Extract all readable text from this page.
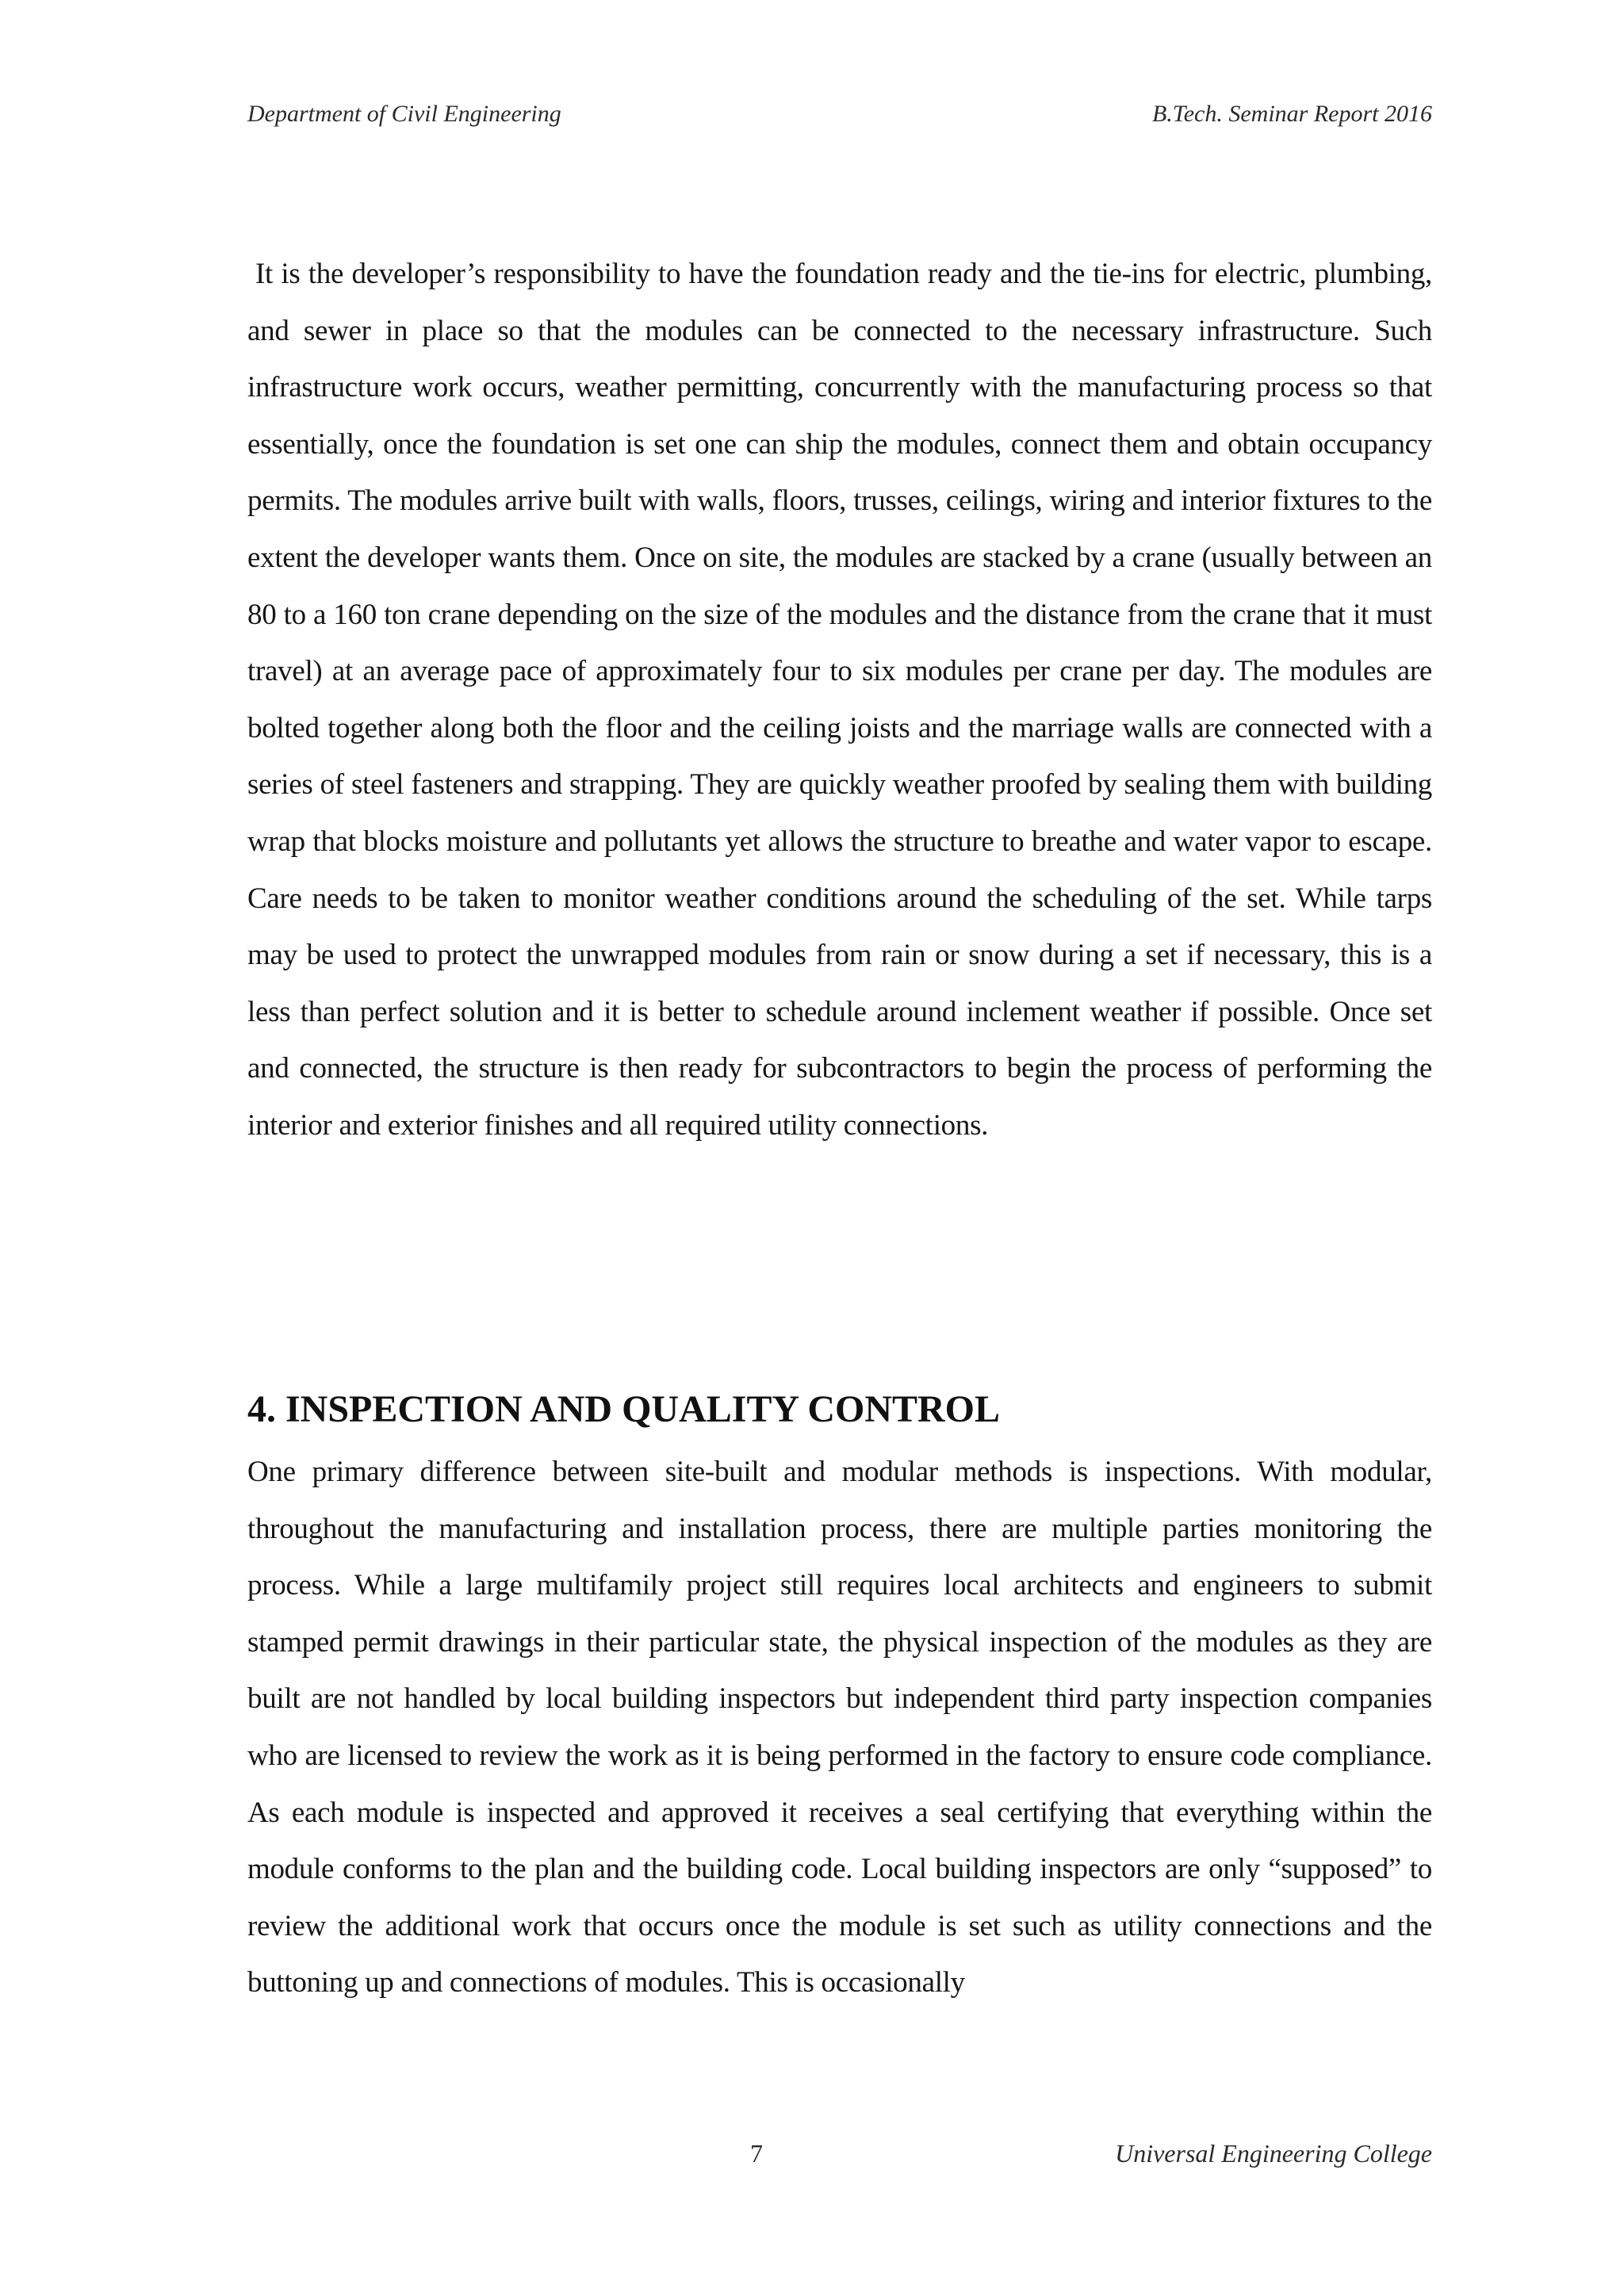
Department of Civil Engineering	B.Tech. Seminar Report 2016

It is the developer’s responsibility to have the foundation ready and the tie-ins for electric, plumbing, and sewer in place so that the modules can be connected to the necessary infrastructure. Such infrastructure work occurs, weather permitting, concurrently with the manufacturing process so that essentially, once the foundation is set one can ship the modules, connect them and obtain occupancy permits. The modules arrive built with walls, floors, trusses, ceilings, wiring and interior fixtures to the extent the developer wants them. Once on site, the modules are stacked by a crane (usually between an 80 to a 160 ton crane depending on the size of the modules and the distance from the crane that it must travel) at an average pace of approximately four to six modules per crane per day. The modules are bolted together along both the floor and the ceiling joists and the marriage walls are connected with a series of steel fasteners and strapping. They are quickly weather proofed by sealing them with building wrap that blocks moisture and pollutants yet allows the structure to breathe and water vapor to escape. Care needs to be taken to monitor weather conditions around the scheduling of the set. While tarps may be used to protect the unwrapped modules from rain or snow during a set if necessary, this is a less than perfect solution and it is better to schedule around inclement weather if possible. Once set and connected, the structure is then ready for subcontractors to begin the process of performing the interior and exterior finishes and all required utility connections.

4. INSPECTION AND QUALITY CONTROL

One primary difference between site-built and modular methods is inspections. With modular, throughout the manufacturing and installation process, there are multiple parties monitoring the process. While a large multifamily project still requires local architects and engineers to submit stamped permit drawings in their particular state, the physical inspection of the modules as they are built are not handled by local building inspectors but independent third party inspection companies who are licensed to review the work as it is being performed in the factory to ensure code compliance. As each module is inspected and approved it receives a seal certifying that everything within the module conforms to the plan and the building code. Local building inspectors are only “supposed” to review the additional work that occurs once the module is set such as utility connections and the buttoning up and connections of modules. This is occasionally

7	Universal Engineering College
